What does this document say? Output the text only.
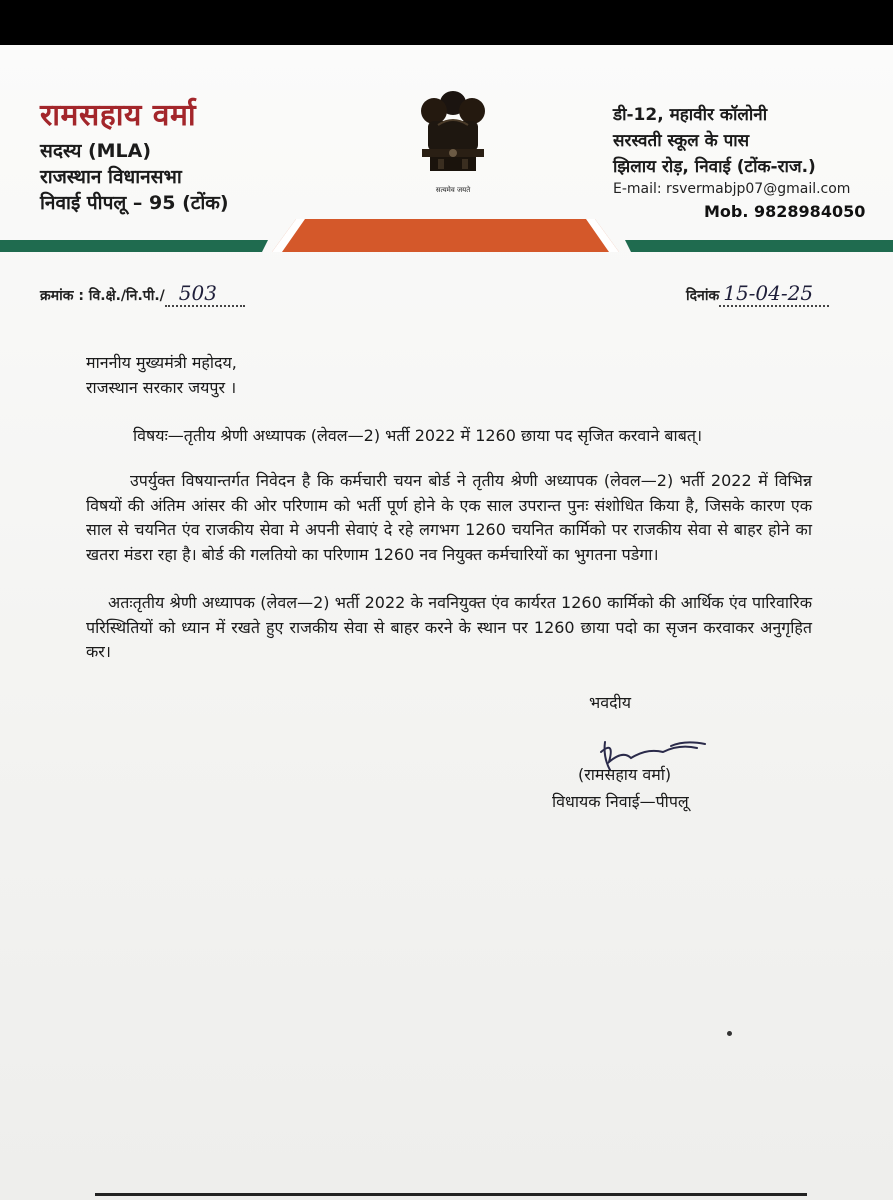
रामसहाय वर्मा
सदस्य (MLA)
राजस्थान विधानसभा
निवाई पीपलू – 95 (टोंक)
सत्यमेव जयते
डी-12, महावीर कॉलोनी
सरस्वती स्कूल के पास
झिलाय रोड़, निवाई (टोंक-राज.)
E-mail: rsvermabjp07@gmail.com
Mob. 9828984050
क्रमांक : वि.क्षे./नि.पी./ 503	दिनांक 15-04-25
माननीय मुख्यमंत्री महोदय,
राजस्थान सरकार जयपुर ।
विषयः—तृतीय श्रेणी अध्यापक (लेवल—2) भर्ती 2022 में 1260 छाया पद सृजित करवाने बाबत्।
उपर्युक्त विषयान्तर्गत निवेदन है कि कर्मचारी चयन बोर्ड ने तृतीय श्रेणी अध्यापक (लेवल—2) भर्ती 2022 में विभिन्न विषयों की अंतिम आंसर की ओर परिणाम को भर्ती पूर्ण होने के एक साल उपरान्त पुनः संशोधित किया है, जिसके कारण एक साल से चयनित एंव राजकीय सेवा मे अपनी सेवाएं दे रहे लगभग 1260 चयनित कार्मिको पर राजकीय सेवा से बाहर होने का खतरा मंडरा रहा है। बोर्ड की गलतियो का परिणाम 1260 नव नियुक्त कर्मचारियों का भुगतना पडेगा।
अतःतृतीय श्रेणी अध्यापक (लेवल—2) भर्ती 2022 के नवनियुक्त एंव कार्यरत 1260 कार्मिको की आर्थिक एंव पारिवारिक परिस्थितियों को ध्यान में रखते हुए राजकीय सेवा से बाहर करने के स्थान पर 1260 छाया पदो का सृजन करवाकर अनुगृहित कर।
भवदीय
(रामसहाय वर्मा)
विधायक निवाई—पीपलू
